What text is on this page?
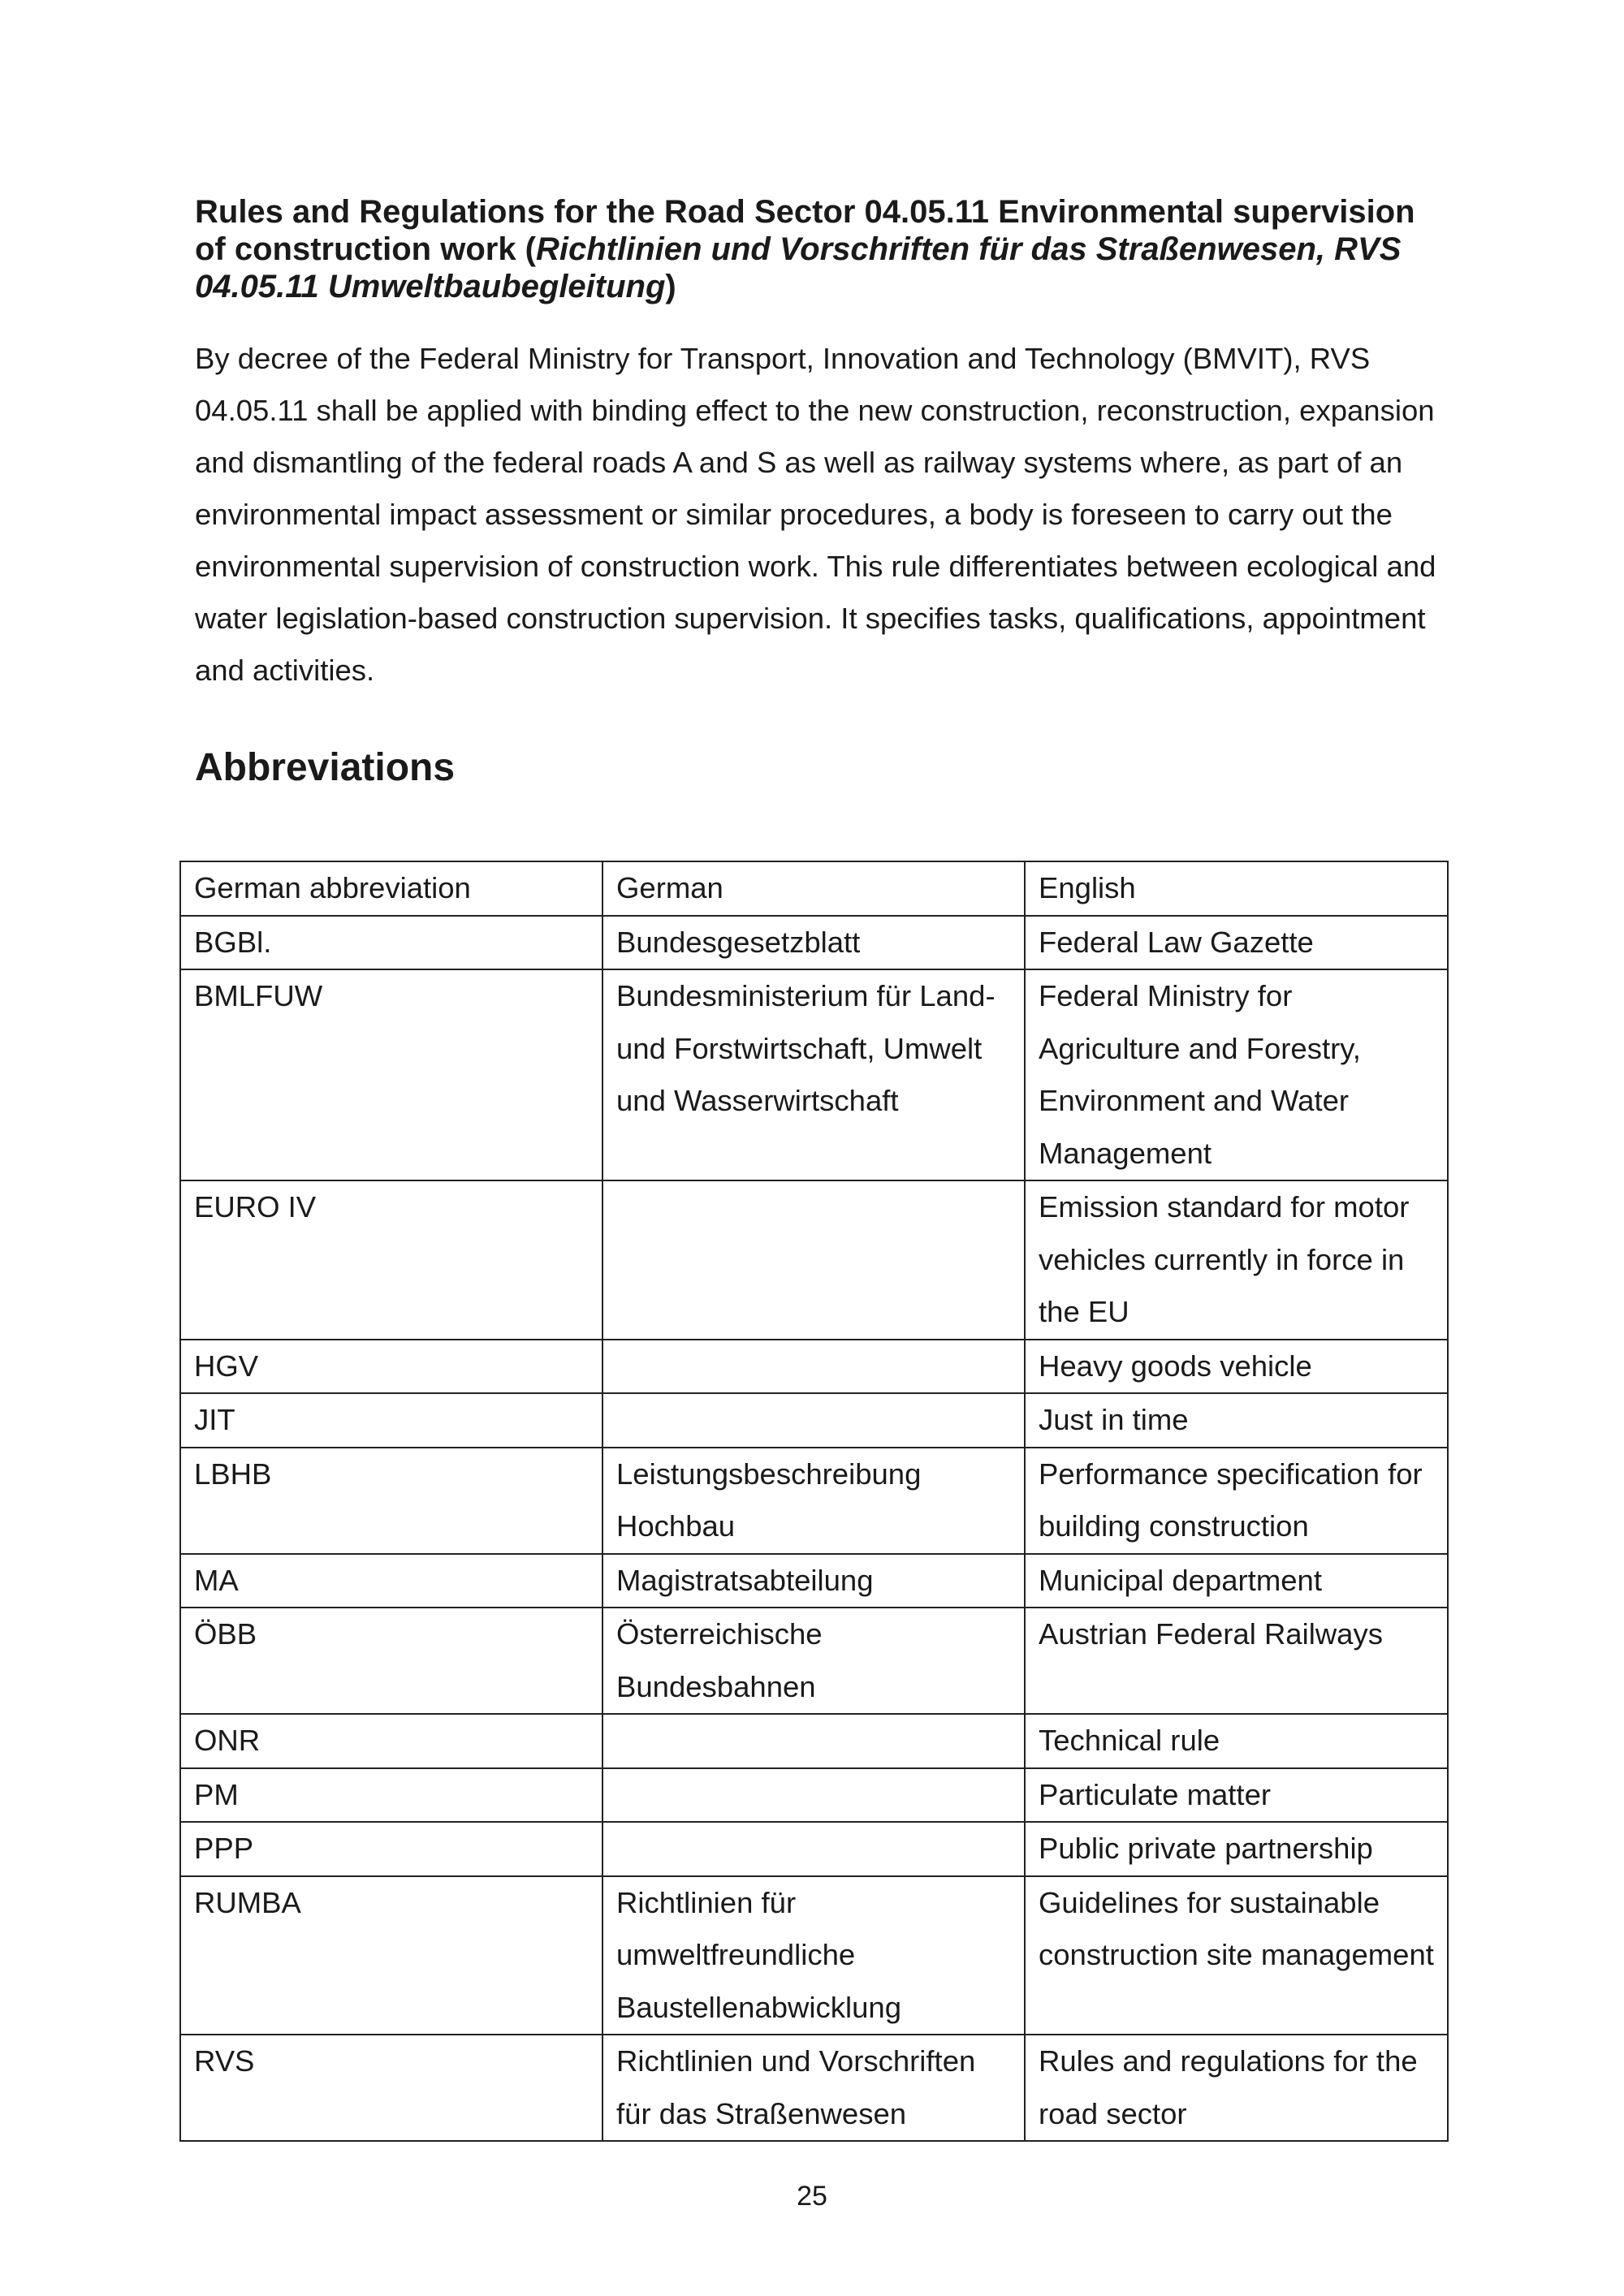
Rules and Regulations for the Road Sector 04.05.11 Environmental supervision of construction work (Richtlinien und Vorschriften für das Straßenwesen, RVS 04.05.11 Umweltbaubegleitung)

By decree of the Federal Ministry for Transport, Innovation and Technology (BMVIT), RVS 04.05.11 shall be applied with binding effect to the new construction, reconstruction, expansion and dismantling of the federal roads A and S as well as railway systems where, as part of an environmental impact assessment or similar procedures, a body is foreseen to carry out the environmental supervision of construction work. This rule differentiates between ecological and water legislation-based construction supervision. It specifies tasks, qualifications, appointment and activities.

Abbreviations
German abbreviation	German	English
BGBl.	Bundesgesetzblatt	Federal Law Gazette
BMLFUW	Bundesministerium für Land- und Forstwirtschaft, Umwelt und Wasserwirtschaft	Federal Ministry for Agriculture and Forestry, Environment and Water Management
EURO IV		Emission standard for motor vehicles currently in force in the EU
HGV		Heavy goods vehicle
JIT		Just in time
LBHB	Leistungsbeschreibung Hochbau	Performance specification for building construction
MA	Magistratsabteilung	Municipal department
ÖBB	Österreichische Bundesbahnen	Austrian Federal Railways
ONR		Technical rule
PM		Particulate matter
PPP		Public private partnership
RUMBA	Richtlinien für umweltfreundliche Baustellenabwicklung	Guidelines for sustainable construction site management
RVS	Richtlinien und Vorschriften für das Straßenwesen	Rules and regulations for the road sector
25
